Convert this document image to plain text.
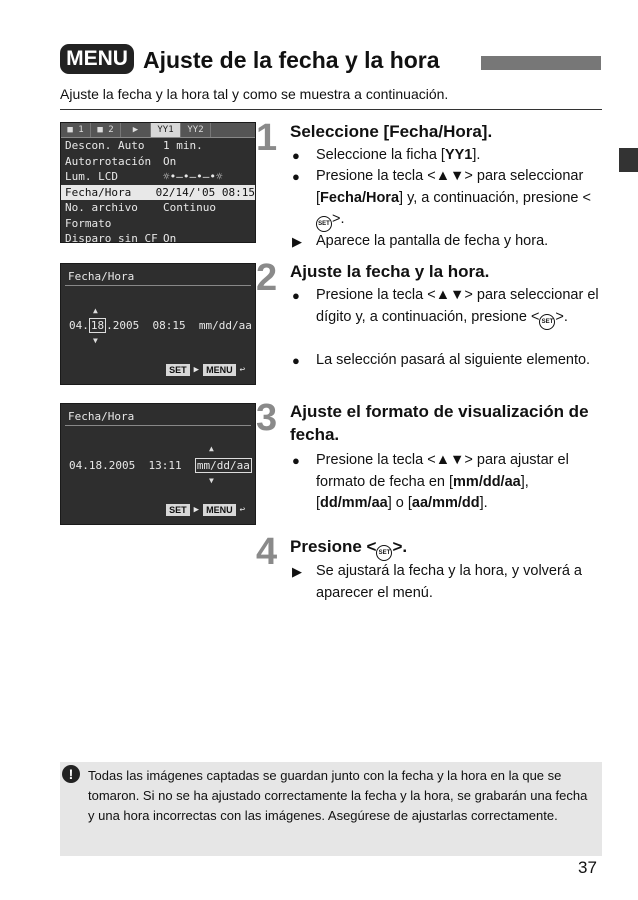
MENU Ajuste de la fecha y la hora
Ajuste la fecha y la hora tal y como se muestra a continuación.
■ 1	■ 2	▶	ΥΥ1	ΥΥ2
Descon. Auto	1 min.
Autorrotación	On
Lum. LCD	☼•—•—•—•☼
Fecha/Hora	02/14/'05 08:15
No. archivo	Continuo
Formato
Disparo sin CF On
Fecha/Hora
▲
04. 18 .2005  08:15  mm/dd/aa
▼
SET ▶ MENU ↩
Fecha/Hora
▲
04.18.2005  13:11  mm/dd/aa
▼
SET ▶ MENU ↩
1 Seleccione [Fecha/Hora].
● Seleccione la ficha [ΥΥ1].
● Presione la tecla <▲▼> para seleccionar [Fecha/Hora] y, a continuación, presione <SET >.
▶ Aparece la pantalla de fecha y hora.
2 Ajuste la fecha y la hora.
● Presione la tecla <▲▼> para seleccionar el dígito y, a continuación, presione < SET >.
● La selección pasará al siguiente elemento.
3 Ajuste el formato de visualización de fecha.
● Presione la tecla <▲▼> para ajustar el formato de fecha en [mm/dd/aa], [dd/mm/aa] o [aa/mm/dd].
4 Presione < SET >.
▶ Se ajustará la fecha y la hora, y volverá a aparecer el menú.
!	Todas las imágenes captadas se guardan junto con la fecha y la hora en la que se tomaron. Si no se ha ajustado correctamente la fecha y la hora, se grabarán una fecha y una hora incorrectas con las imágenes. Asegúrese de ajustarlas correctamente.
37
